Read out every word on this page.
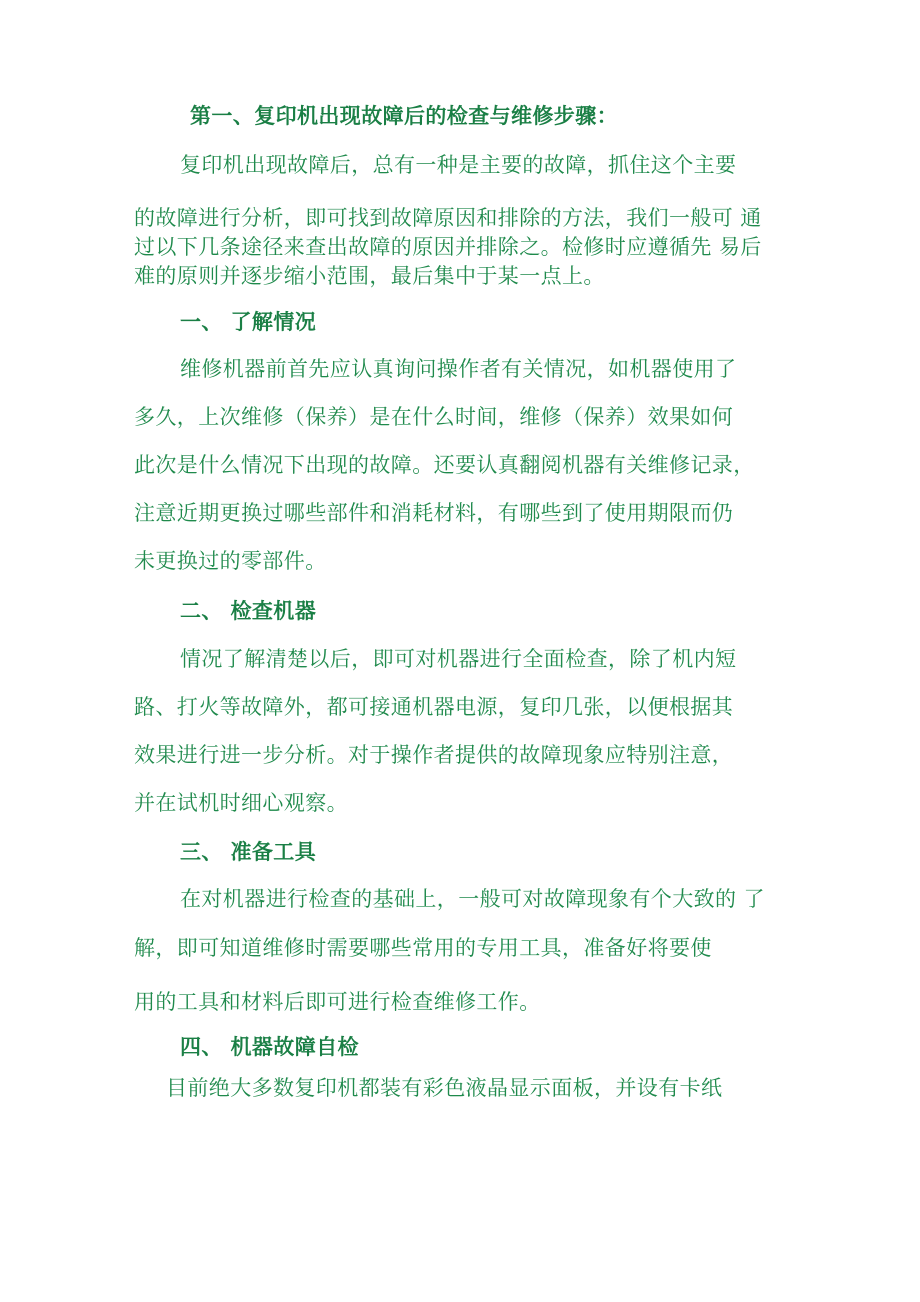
第一、复印机出现故障后的检查与维修步骤：
复印机出现故障后，总有一种是主要的故障，抓住这个主要
的故障进行分析，即可找到故障原因和排除的方法，我们一般可 通
过以下几条途径来查出故障的原因并排除之。检修时应遵循先 易后
难的原则并逐步缩小范围，最后集中于某一点上。
一、 了解情况
维修机器前首先应认真询问操作者有关情况，如机器使用了
多久，上次维修（保养）是在什么时间，维修（保养）效果如何
此次是什么情况下出现的故障。还要认真翻阅机器有关维修记录，
注意近期更换过哪些部件和消耗材料，有哪些到了使用期限而仍
未更换过的零部件。
二、 检查机器
情况了解清楚以后，即可对机器进行全面检查，除了机内短
路、打火等故障外，都可接通机器电源，复印几张，以便根据其
效果进行进一步分析。对于操作者提供的故障现象应特别注意，
并在试机时细心观察。
三、 准备工具
在对机器进行检查的基础上，一般可对故障现象有个大致的 了
解，即可知道维修时需要哪些常用的专用工具，准备好将要使
用的工具和材料后即可进行检查维修工作。
四、 机器故障自检
目前绝大多数复印机都装有彩色液晶显示面板，并设有卡纸
